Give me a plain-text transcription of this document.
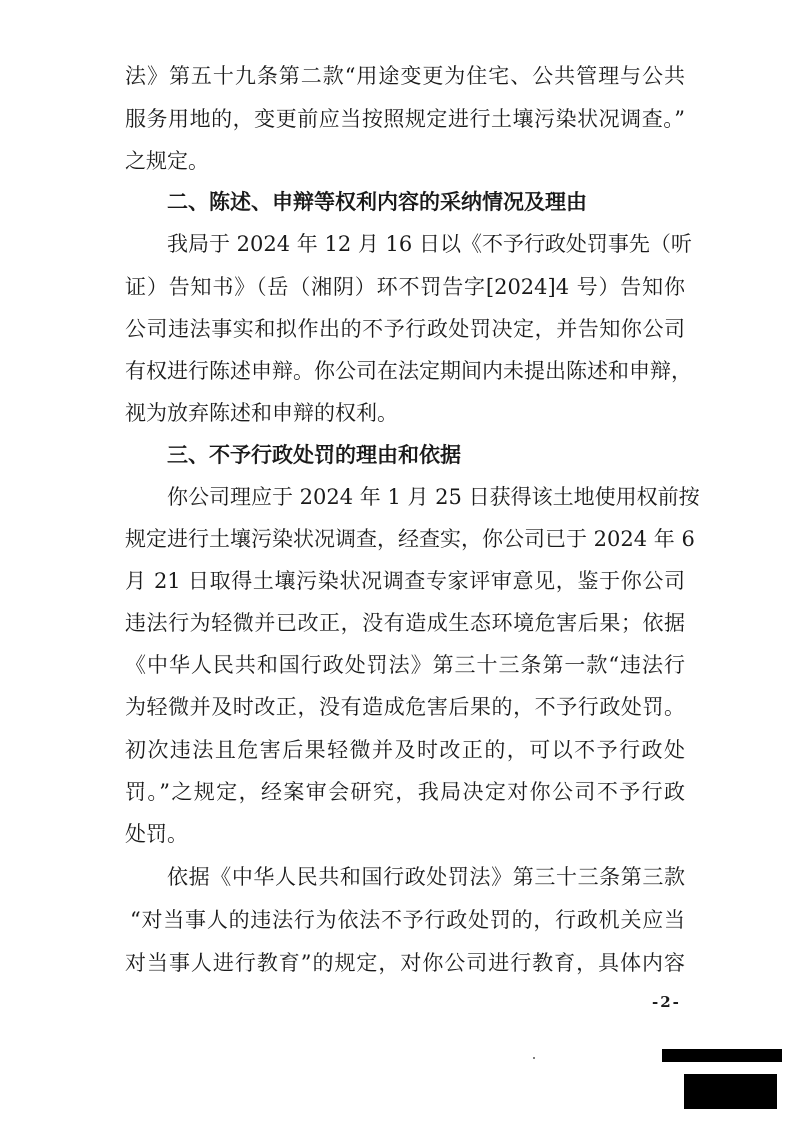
法》第五十九条第二款“用途变更为住宅、公共管理与公共
服务用地的，变更前应当按照规定进行土壤污染状况调查。”
之规定。
二、陈述、申辩等权利内容的采纳情况及理由
我局于 2024 年 12 月 16 日以《不予行政处罚事先（听
证）告知书》（岳（湘阴）环不罚告字[2024]4 号）告知你
公司违法事实和拟作出的不予行政处罚决定，并告知你公司
有权进行陈述申辩。你公司在法定期间内未提出陈述和申辩，
视为放弃陈述和申辩的权利。
三、不予行政处罚的理由和依据
你公司理应于 2024 年 1 月 25 日获得该土地使用权前按
规定进行土壤污染状况调查，经查实，你公司已于 2024 年 6
月 21 日取得土壤污染状况调查专家评审意见，鉴于你公司
违法行为轻微并已改正，没有造成生态环境危害后果；依据
《中华人民共和国行政处罚法》第三十三条第一款“违法行
为轻微并及时改正，没有造成危害后果的，不予行政处罚。
初次违法且危害后果轻微并及时改正的，可以不予行政处
罚。”之规定，经案审会研究，我局决定对你公司不予行政
处罚。
依据《中华人民共和国行政处罚法》第三十三条第三款
“对当事人的违法行为依法不予行政处罚的，行政机关应当
对当事人进行教育”的规定，对你公司进行教育，具体内容
-2-
